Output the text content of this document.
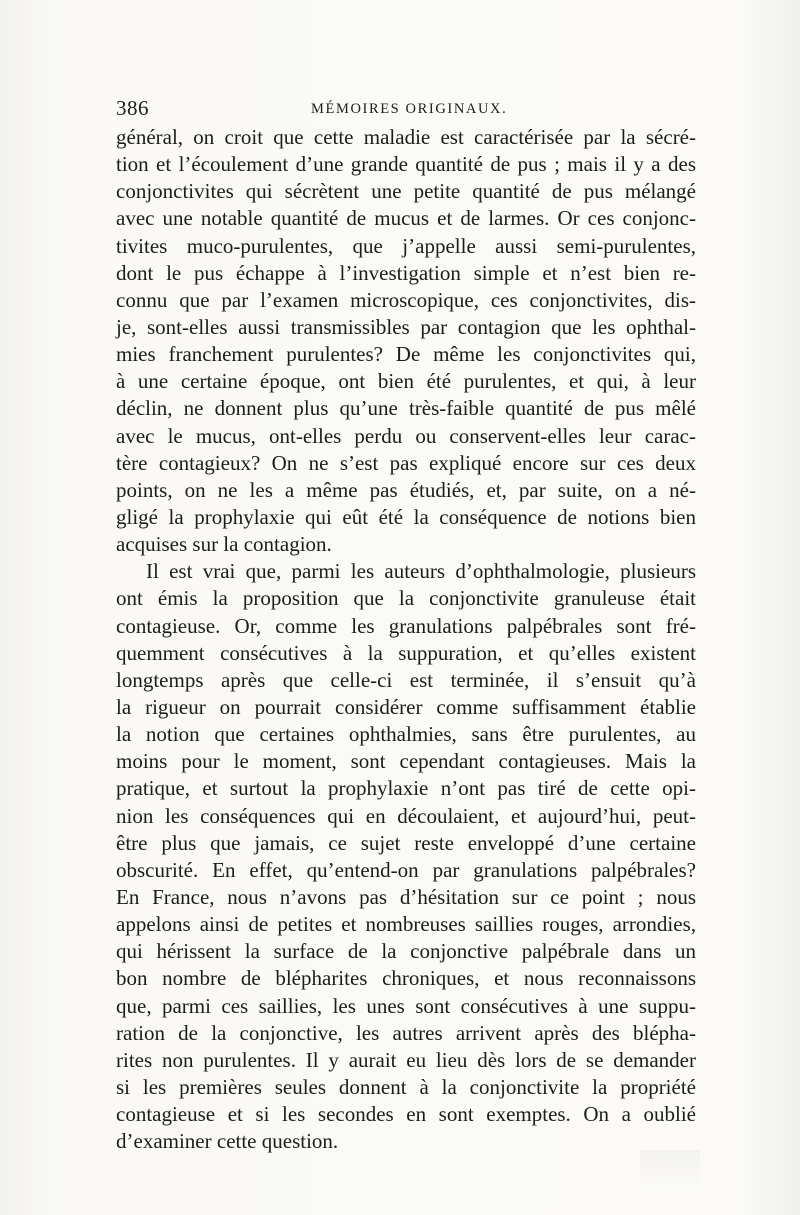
386	MÉMOIRES ORIGINAUX.
général, on croit que cette maladie est caractérisée par la sécré-
tion et l’écoulement d’une grande quantité de pus ; mais il y a des
conjonctivites qui sécrètent une petite quantité de pus mélangé
avec une notable quantité de mucus et de larmes. Or ces conjonc-
tivites muco-purulentes, que j’appelle aussi semi-purulentes,
dont le pus échappe à l’investigation simple et n’est bien re-
connu que par l’examen microscopique, ces conjonctivites, dis-
je, sont-elles aussi transmissibles par contagion que les ophthal-
mies franchement purulentes? De même les conjonctivites qui,
à une certaine époque, ont bien été purulentes, et qui, à leur
déclin, ne donnent plus qu’une très-faible quantité de pus mêlé
avec le mucus, ont-elles perdu ou conservent-elles leur carac-
tère contagieux? On ne s’est pas expliqué encore sur ces deux
points, on ne les a même pas étudiés, et, par suite, on a né-
gligé la prophylaxie qui eût été la conséquence de notions bien
acquises sur la contagion.
Il est vrai que, parmi les auteurs d’ophthalmologie, plusieurs
ont émis la proposition que la conjonctivite granuleuse était
contagieuse. Or, comme les granulations palpébrales sont fré-
quemment consécutives à la suppuration, et qu’elles existent
longtemps après que celle-ci est terminée, il s’ensuit qu’à
la rigueur on pourrait considérer comme suffisamment établie
la notion que certaines ophthalmies, sans être purulentes, au
moins pour le moment, sont cependant contagieuses. Mais la
pratique, et surtout la prophylaxie n’ont pas tiré de cette opi-
nion les conséquences qui en découlaient, et aujourd’hui, peut-
être plus que jamais, ce sujet reste enveloppé d’une certaine
obscurité. En effet, qu’entend-on par granulations palpébrales?
En France, nous n’avons pas d’hésitation sur ce point ; nous
appelons ainsi de petites et nombreuses saillies rouges, arrondies,
qui hérissent la surface de la conjonctive palpébrale dans un
bon nombre de blépharites chroniques, et nous reconnaissons
que, parmi ces saillies, les unes sont consécutives à une suppu-
ration de la conjonctive, les autres arrivent après des blépha-
rites non purulentes. Il y aurait eu lieu dès lors de se demander
si les premières seules donnent à la conjonctivite la propriété
contagieuse et si les secondes en sont exemptes. On a oublié
d’examiner cette question.
